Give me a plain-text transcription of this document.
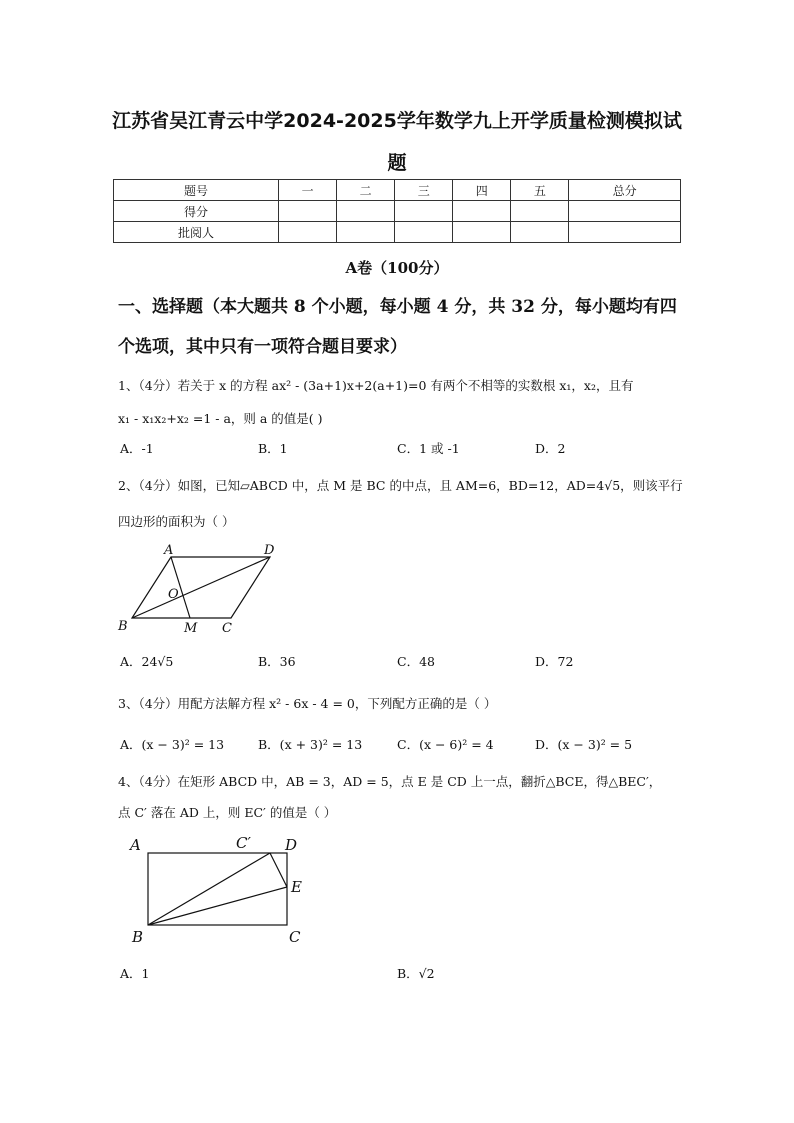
江苏省吴江青云中学2024-2025学年数学九上开学质量检测模拟试
题
题号	一	二	三	四	五	总分
得分						
批阅人						
A卷（100分）
一、选择题（本大题共 8 个小题，每小题 4 分，共 32 分，每小题均有四个选项，其中只有一项符合题目要求）
1、（4分）若关于 x 的方程 ax² - (3a+1)x+2(a+1)=0 有两个不相等的实数根 x₁，x₂，且有
x₁ - x₁x₂+x₂ =1 - a，则 a 的值是( )
A．-1	B．1	C．1 或 -1	D．2
2、（4分）如图，已知▱ABCD 中，点 M 是 BC 的中点，且 AM=6，BD=12，AD=4√5，则该平行
四边形的面积为（ ）
A	D
O
B	M C
A．24√5	B．36	C．48	D．72
3、（4分）用配方法解方程 x² - 6x - 4 = 0，下列配方正确的是（ ）
A．(x − 3)² = 13	B．(x + 3)² = 13	C．(x − 6)² = 4	D．(x − 3)² = 5
4、（4分）在矩形 ABCD 中，AB = 3，AD = 5，点 E 是 CD 上一点，翻折△BCE，得△BEC′，
点 C′ 落在 AD 上，则 EC′ 的值是（ ）
A	C′ D
E
B	C
A．1	B．√2
